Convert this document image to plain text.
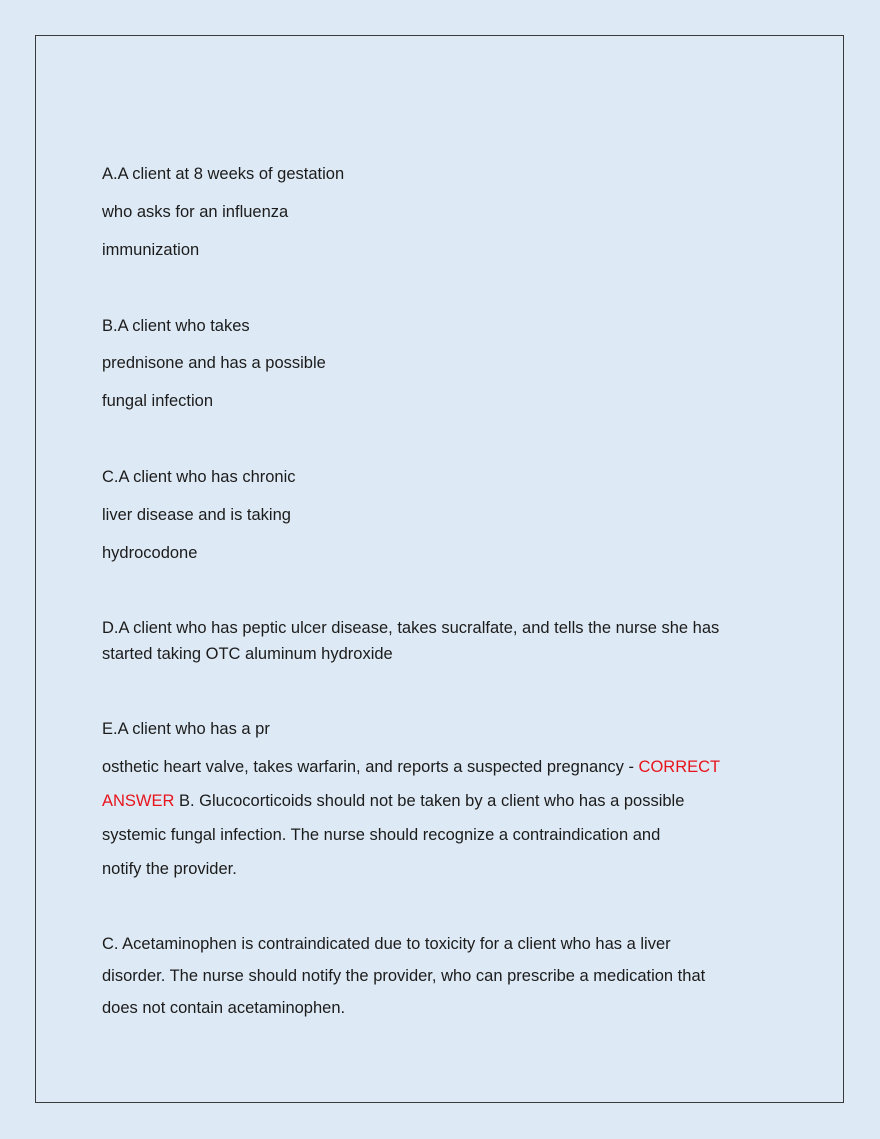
A.A client at 8 weeks of gestation

who asks for an influenza

immunization

B.A client who takes

prednisone and has a possible

fungal infection

C.A client who has chronic

liver disease and is taking

hydrocodone

D.A client who has peptic ulcer disease, takes sucralfate, and tells the nurse she has started taking OTC aluminum hydroxide

E.A client who has a pr

osthetic heart valve, takes warfarin, and reports a suspected pregnancy - CORRECT

ANSWER B. Glucocorticoids should not be taken by a client who has a possible

systemic fungal infection. The nurse should recognize a contraindication and

notify the provider.

C. Acetaminophen is contraindicated due to toxicity for a client who has a liver

disorder. The nurse should notify the provider, who can prescribe a medication that

does not contain acetaminophen.
